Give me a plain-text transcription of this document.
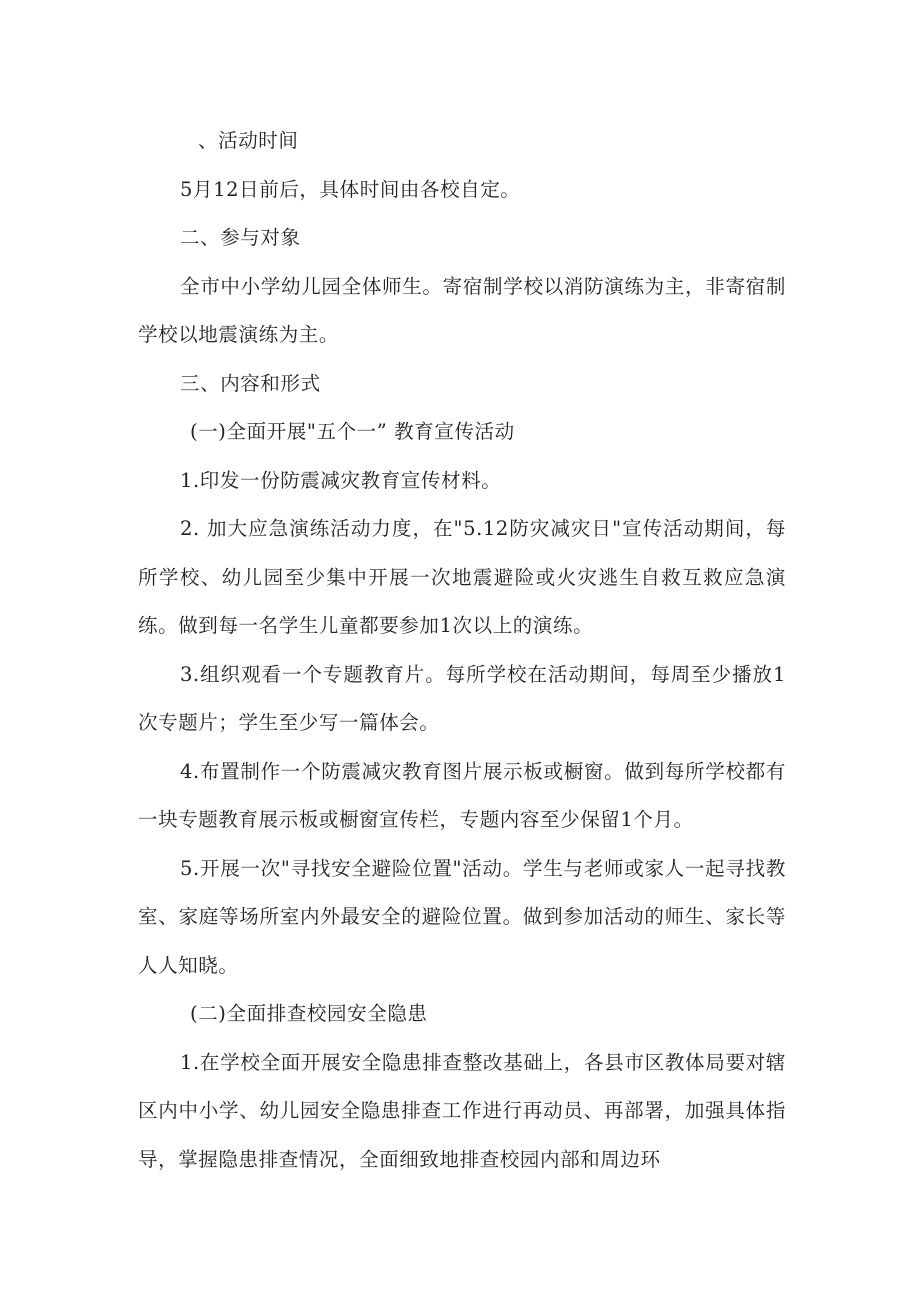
、活动时间

5月12日前后，具体时间由各校自定。

二、参与对象

全市中小学幼儿园全体师生。寄宿制学校以消防演练为主，非寄宿制学校以地震演练为主。

三、内容和形式

(一)全面开展"五个一” 教育宣传活动

1.印发一份防震减灾教育宣传材料。

2. 加大应急演练活动力度，在"5.12防灾减灾日"宣传活动期间，每所学校、幼儿园至少集中开展一次地震避险或火灾逃生自救互救应急演练。做到每一名学生儿童都要参加1次以上的演练。

3.组织观看一个专题教育片。每所学校在活动期间，每周至少播放1次专题片；学生至少写一篇体会。

4.布置制作一个防震减灾教育图片展示板或橱窗。做到每所学校都有一块专题教育展示板或橱窗宣传栏，专题内容至少保留1个月。

5.开展一次"寻找安全避险位置"活动。学生与老师或家人一起寻找教室、家庭等场所室内外最安全的避险位置。做到参加活动的师生、家长等人人知晓。

(二)全面排查校园安全隐患

1.在学校全面开展安全隐患排查整改基础上，各县市区教体局要对辖区内中小学、幼儿园安全隐患排查工作进行再动员、再部署，加强具体指导，掌握隐患排查情况，全面细致地排查校园内部和周边环
